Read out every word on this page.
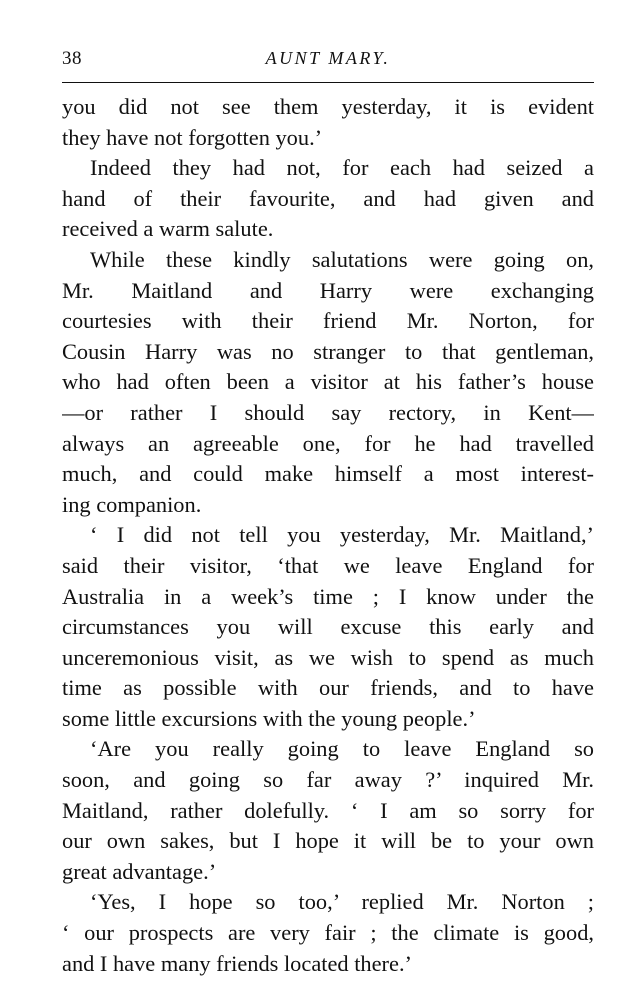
38	AUNT MARY.
you did not see them yesterday, it is evident
they have not forgotten you.’
Indeed they had not, for each had seized a
hand of their favourite, and had given and
received a warm salute.
While these kindly salutations were going on,
Mr. Maitland and Harry were exchanging
courtesies with their friend Mr. Norton, for
Cousin Harry was no stranger to that gentleman,
who had often been a visitor at his father’s house
—or rather I should say rectory, in Kent—
always an agreeable one, for he had travelled
much, and could make himself a most interest-
ing companion.
‘ I did not tell you yesterday, Mr. Maitland,’
said their visitor, ‘that we leave England for
Australia in a week’s time ; I know under the
circumstances you will excuse this early and
unceremonious visit, as we wish to spend as much
time as possible with our friends, and to have
some little excursions with the young people.’
‘Are you really going to leave England so
soon, and going so far away ?’ inquired Mr.
Maitland, rather dolefully. ‘ I am so sorry for
our own sakes, but I hope it will be to your own
great advantage.’
‘Yes, I hope so too,’ replied Mr. Norton ;
‘ our prospects are very fair ; the climate is good,
and I have many friends located there.’
